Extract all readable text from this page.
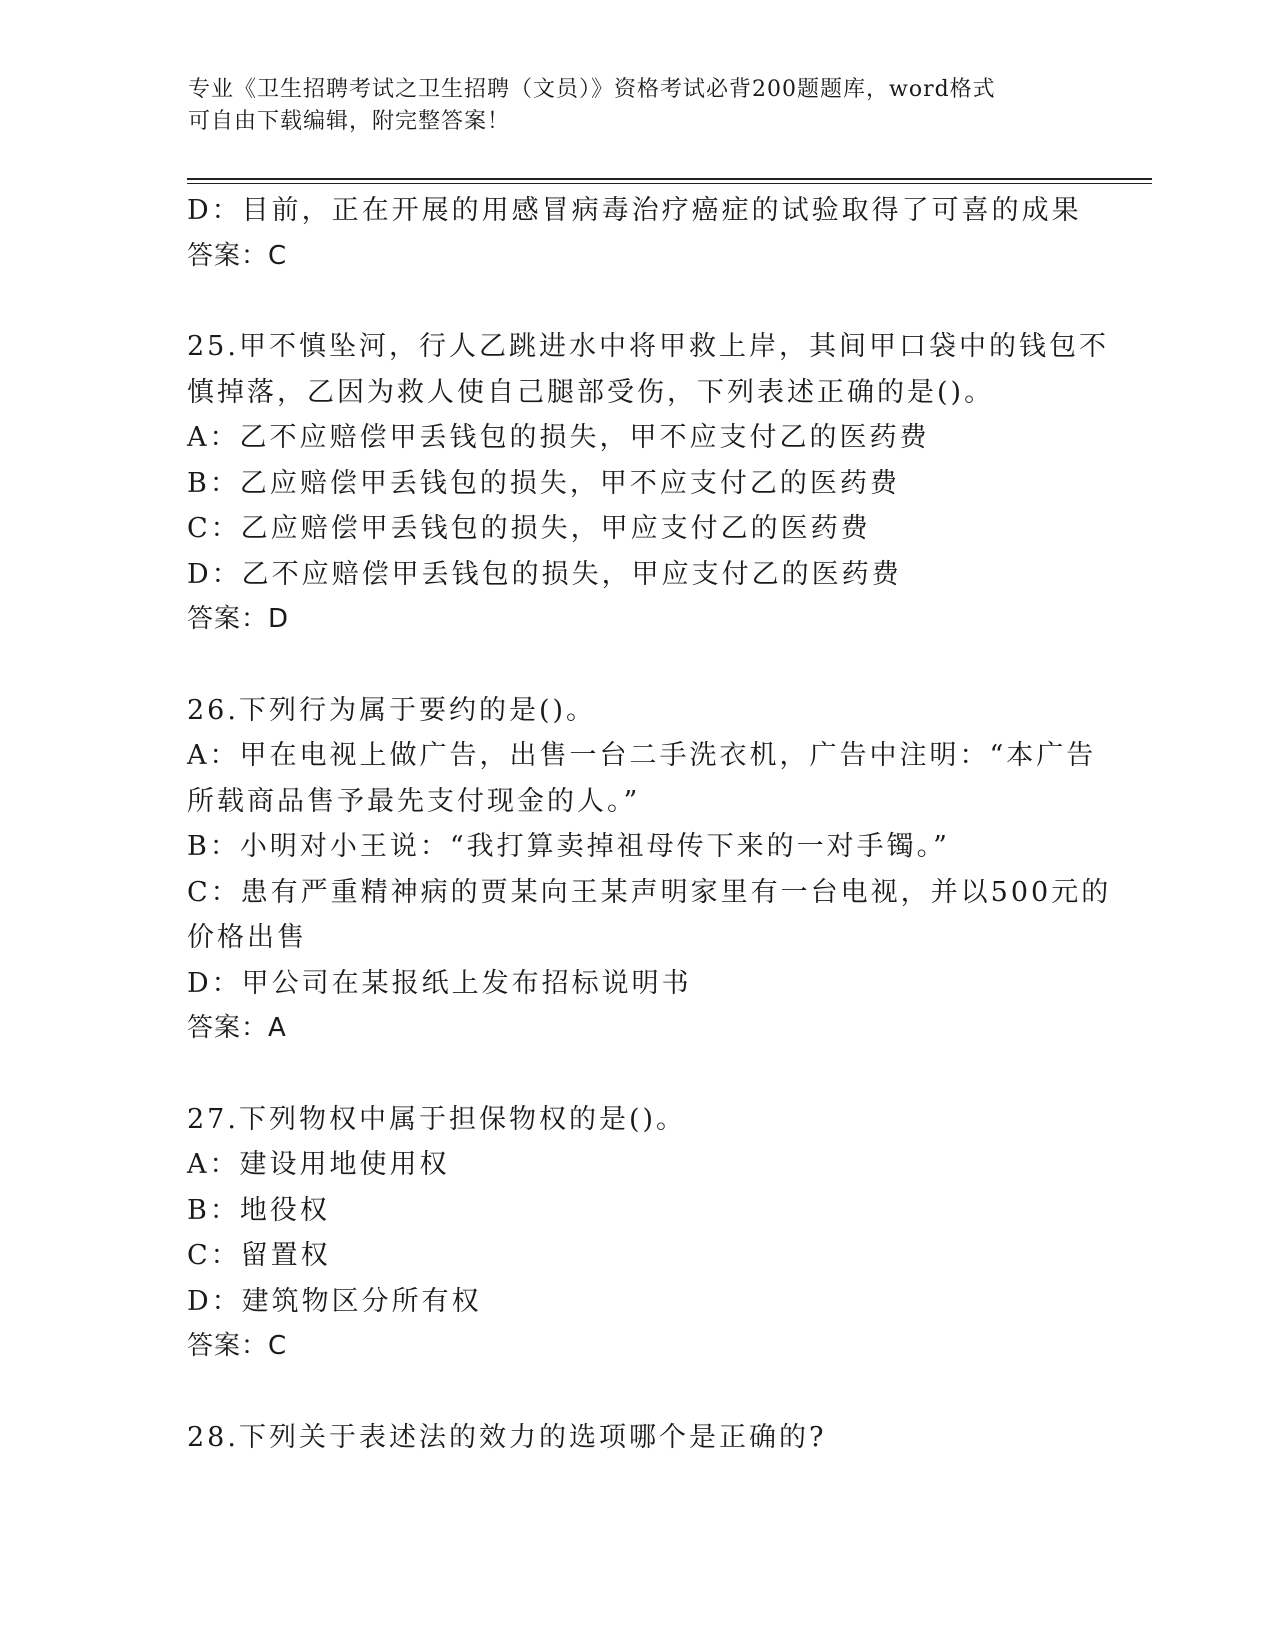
专业《卫生招聘考试之卫生招聘（文员）》资格考试必背200题题库，word格式
可自由下载编辑，附完整答案！
D：目前，正在开展的用感冒病毒治疗癌症的试验取得了可喜的成果
答案：C
25.甲不慎坠河，行人乙跳进水中将甲救上岸，其间甲口袋中的钱包不
慎掉落，乙因为救人使自己腿部受伤，下列表述正确的是()。
A：乙不应赔偿甲丢钱包的损失，甲不应支付乙的医药费
B：乙应赔偿甲丢钱包的损失，甲不应支付乙的医药费
C：乙应赔偿甲丢钱包的损失，甲应支付乙的医药费
D：乙不应赔偿甲丢钱包的损失，甲应支付乙的医药费
答案：D
26.下列行为属于要约的是()。
A：甲在电视上做广告，出售一台二手洗衣机，广告中注明：“本广告
所载商品售予最先支付现金的人。”
B：小明对小王说：“我打算卖掉祖母传下来的一对手镯。”
C：患有严重精神病的贾某向王某声明家里有一台电视，并以500元的
价格出售
D：甲公司在某报纸上发布招标说明书
答案：A
27.下列物权中属于担保物权的是()。
A：建设用地使用权
B：地役权
C：留置权
D：建筑物区分所有权
答案：C
28.下列关于表述法的效力的选项哪个是正确的?
